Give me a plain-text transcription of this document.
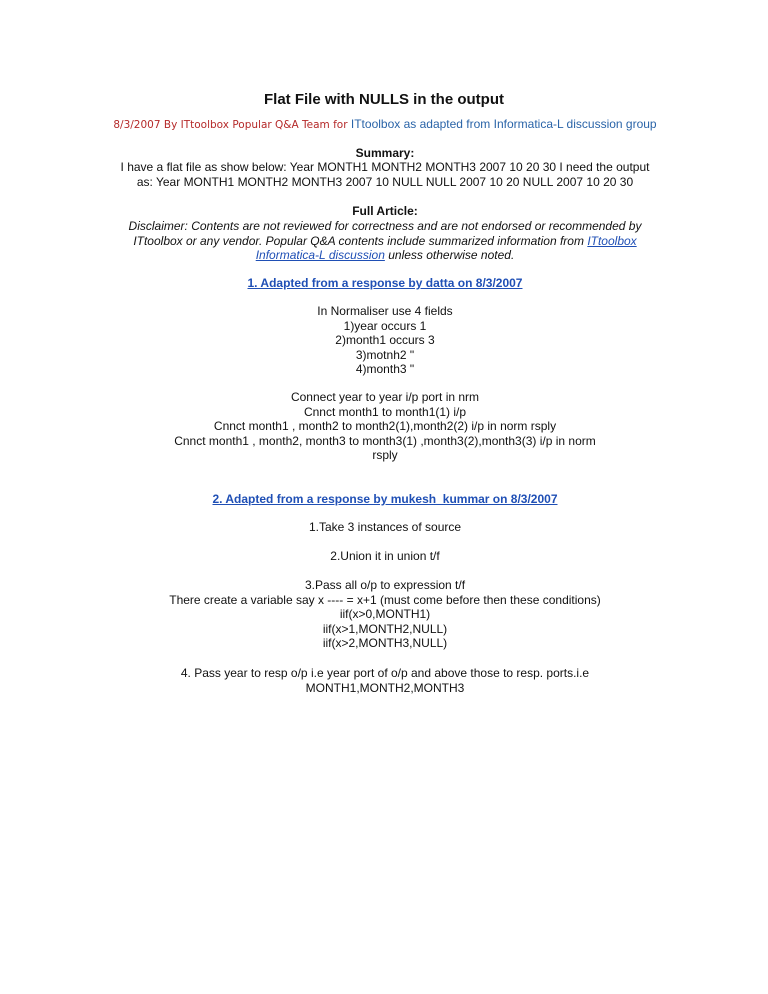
Flat File with NULLS in the output
8/3/2007 By ITtoolbox Popular Q&A Team for ITtoolbox as adapted from Informatica-L discussion group
Summary:
I have a flat file as show below: Year MONTH1 MONTH2 MONTH3 2007 10 20 30 I need the output as: Year MONTH1 MONTH2 MONTH3 2007 10 NULL NULL 2007 10 20 NULL 2007 10 20 30
Full Article:
Disclaimer: Contents are not reviewed for correctness and are not endorsed or recommended by ITtoolbox or any vendor. Popular Q&A contents include summarized information from ITtoolbox Informatica-L discussion unless otherwise noted.
1. Adapted from a response by datta on 8/3/2007
In Normaliser use 4 fields
1)year occurs 1
2)month1 occurs 3
3)motnh2 "
4)month3 "
Connect year to year i/p port in nrm
Cnnct month1 to month1(1) i/p
Cnnct month1 , month2 to month2(1),month2(2) i/p in norm rsply
Cnnct month1 , month2, month3 to month3(1) ,month3(2),month3(3) i/p in norm rsply
2. Adapted from a response by mukesh_kummar on 8/3/2007
1.Take 3 instances of source
2.Union it in union t/f
3.Pass all o/p to expression t/f
There create a variable say x ---- = x+1 (must come before then these conditions)
iif(x>0,MONTH1)
iif(x>1,MONTH2,NULL)
iif(x>2,MONTH3,NULL)
4. Pass year to resp o/p i.e year port of o/p and above those to resp. ports.i.e MONTH1,MONTH2,MONTH3
